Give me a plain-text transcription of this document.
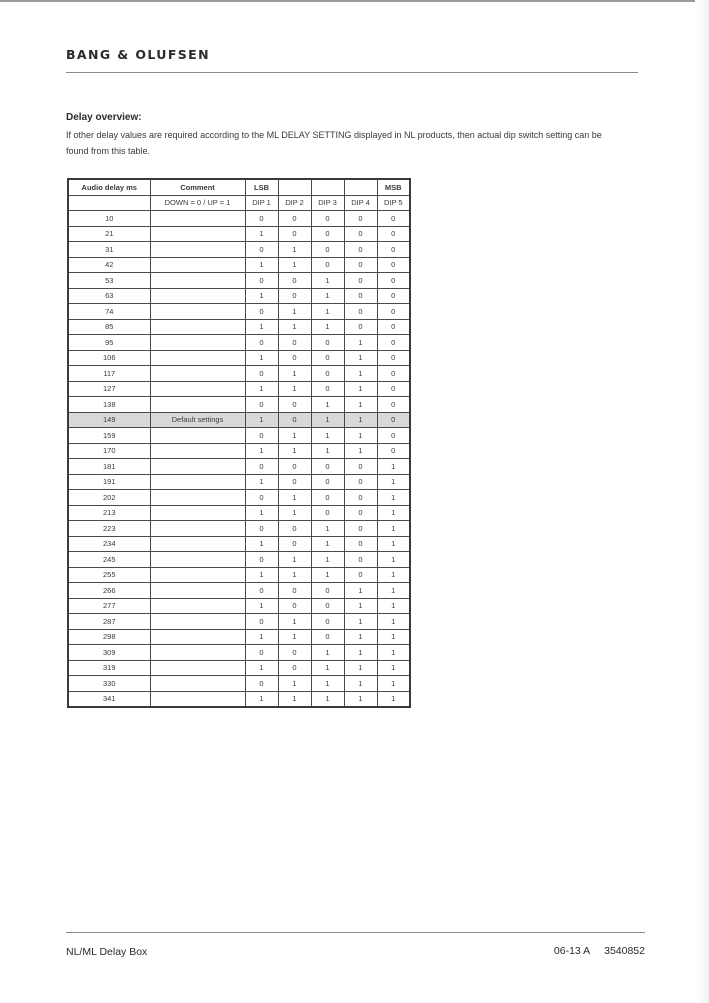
BANG & OLUFSEN
Delay overview:
If other delay values are required according to the ML DELAY SETTING displayed in NL products, then actual dip switch setting can be found from this table.
Audio delay ms	Comment	LSB				MSB
	DOWN = 0 / UP = 1	DIP 1	DIP 2	DIP 3	DIP 4	DIP 5
10		0	0	0	0	0
21		1	0	0	0	0
31		0	1	0	0	0
42		1	1	0	0	0
53		0	0	1	0	0
63		1	0	1	0	0
74		0	1	1	0	0
85		1	1	1	0	0
95		0	0	0	1	0
106		1	0	0	1	0
117		0	1	0	1	0
127		1	1	0	1	0
138		0	0	1	1	0
149	Default settings	1	0	1	1	0
159		0	1	1	1	0
170		1	1	1	1	0
181		0	0	0	0	1
191		1	0	0	0	1
202		0	1	0	0	1
213		1	1	0	0	1
223		0	0	1	0	1
234		1	0	1	0	1
245		0	1	1	0	1
255		1	1	1	0	1
266		0	0	0	1	1
277		1	0	0	1	1
287		0	1	0	1	1
298		1	1	0	1	1
309		0	0	1	1	1
319		1	0	1	1	1
330		0	1	1	1	1
341		1	1	1	1	1
NL/ML Delay Box	06-13 A 3540852
